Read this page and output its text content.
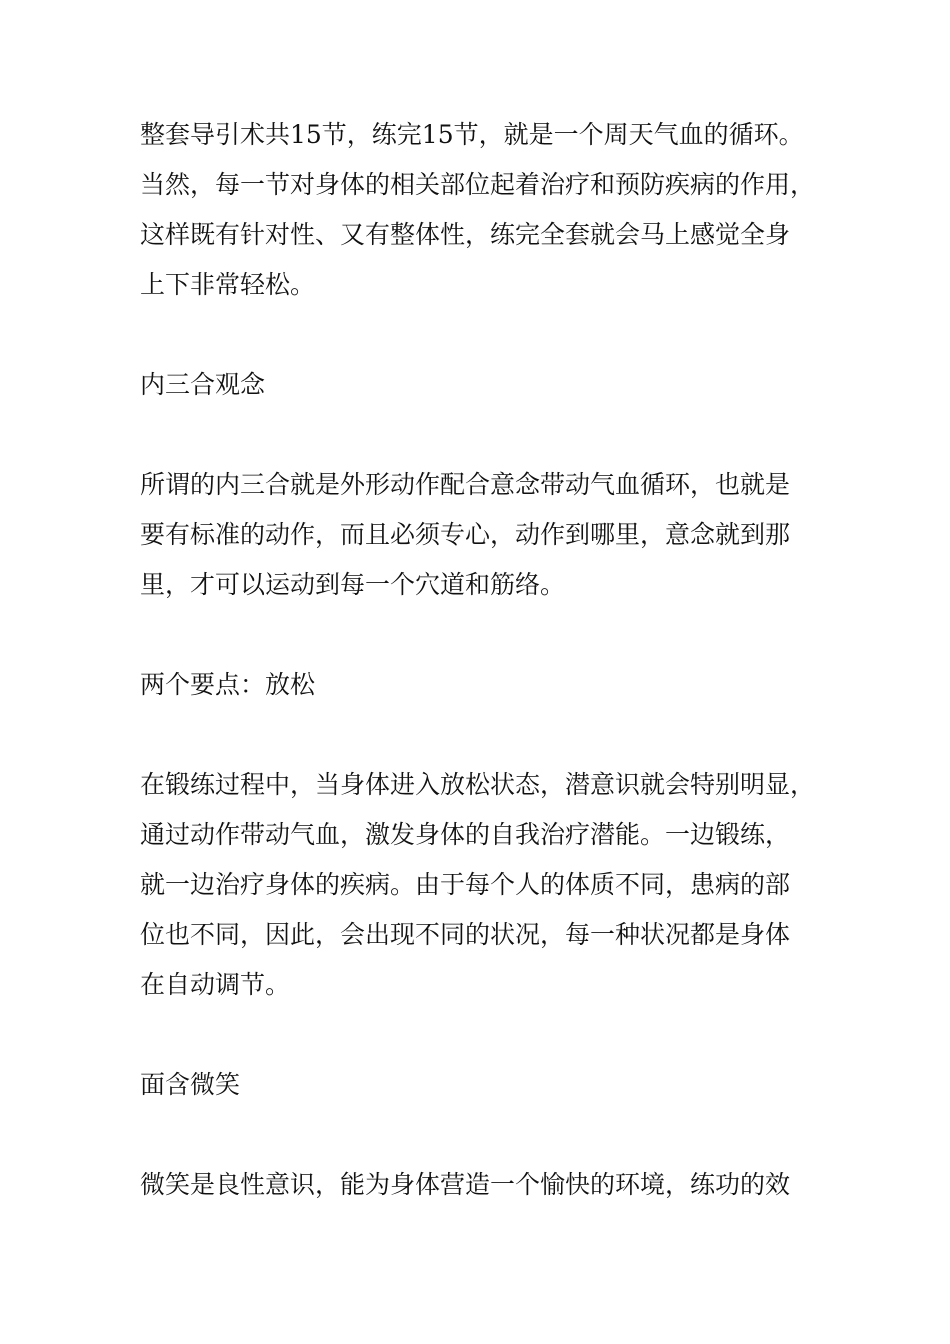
整套导引术共15节，练完15节，就是一个周天气血的循环。
当然，每一节对身体的相关部位起着治疗和预防疾病的作用，
这样既有针对性、又有整体性，练完全套就会马上感觉全身
上下非常轻松。
内三合观念
所谓的内三合就是外形动作配合意念带动气血循环，也就是
要有标准的动作，而且必须专心，动作到哪里，意念就到那
里，才可以运动到每一个穴道和筋络。
两个要点：放松
在锻练过程中，当身体进入放松状态，潜意识就会特别明显，
通过动作带动气血，激发身体的自我治疗潜能。一边锻练，
就一边治疗身体的疾病。由于每个人的体质不同，患病的部
位也不同，因此，会出现不同的状况，每一种状况都是身体
在自动调节。
面含微笑
微笑是良性意识，能为身体营造一个愉快的环境，练功的效
